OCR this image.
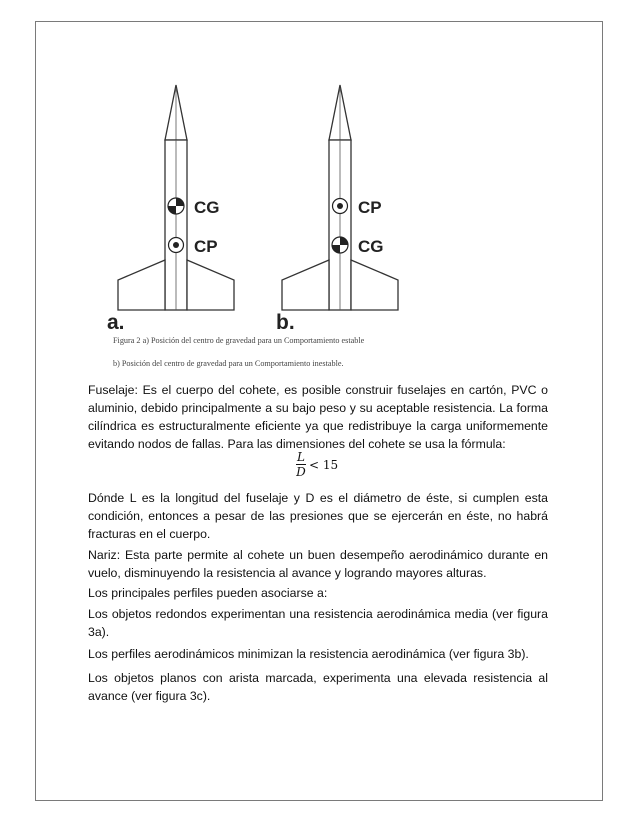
CG
CP
CP
CG
a.	b.
Figura 2 a) Posición del centro de gravedad para un Comportamiento estable
b) Posición del centro de gravedad para un Comportamiento inestable.

Fuselaje: Es el cuerpo del cohete, es posible construir fuselajes en cartón, PVC o aluminio, debido principalmente a su bajo peso y su aceptable resistencia. La forma cilíndrica es estructuralmente eficiente ya que redistribuye la carga uniformemente evitando nodos de fallas. Para las dimensiones del cohete se usa la fórmula:

$\frac{L}{D} < 15$

Dónde L es la longitud del fuselaje y D es el diámetro de éste, si cumplen esta condición, entonces a pesar de las presiones que se ejercerán en éste, no habrá fracturas en el cuerpo.

Nariz: Esta parte permite al cohete un buen desempeño aerodinámico durante en vuelo, disminuyendo la resistencia al avance y logrando mayores alturas.

Los principales perfiles pueden asociarse a:

Los objetos redondos experimentan una resistencia aerodinámica media (ver figura 3a).

Los perfiles aerodinámicos minimizan la resistencia aerodinámica (ver figura 3b).

Los objetos planos con arista marcada, experimenta una elevada resistencia al avance (ver figura 3c).
